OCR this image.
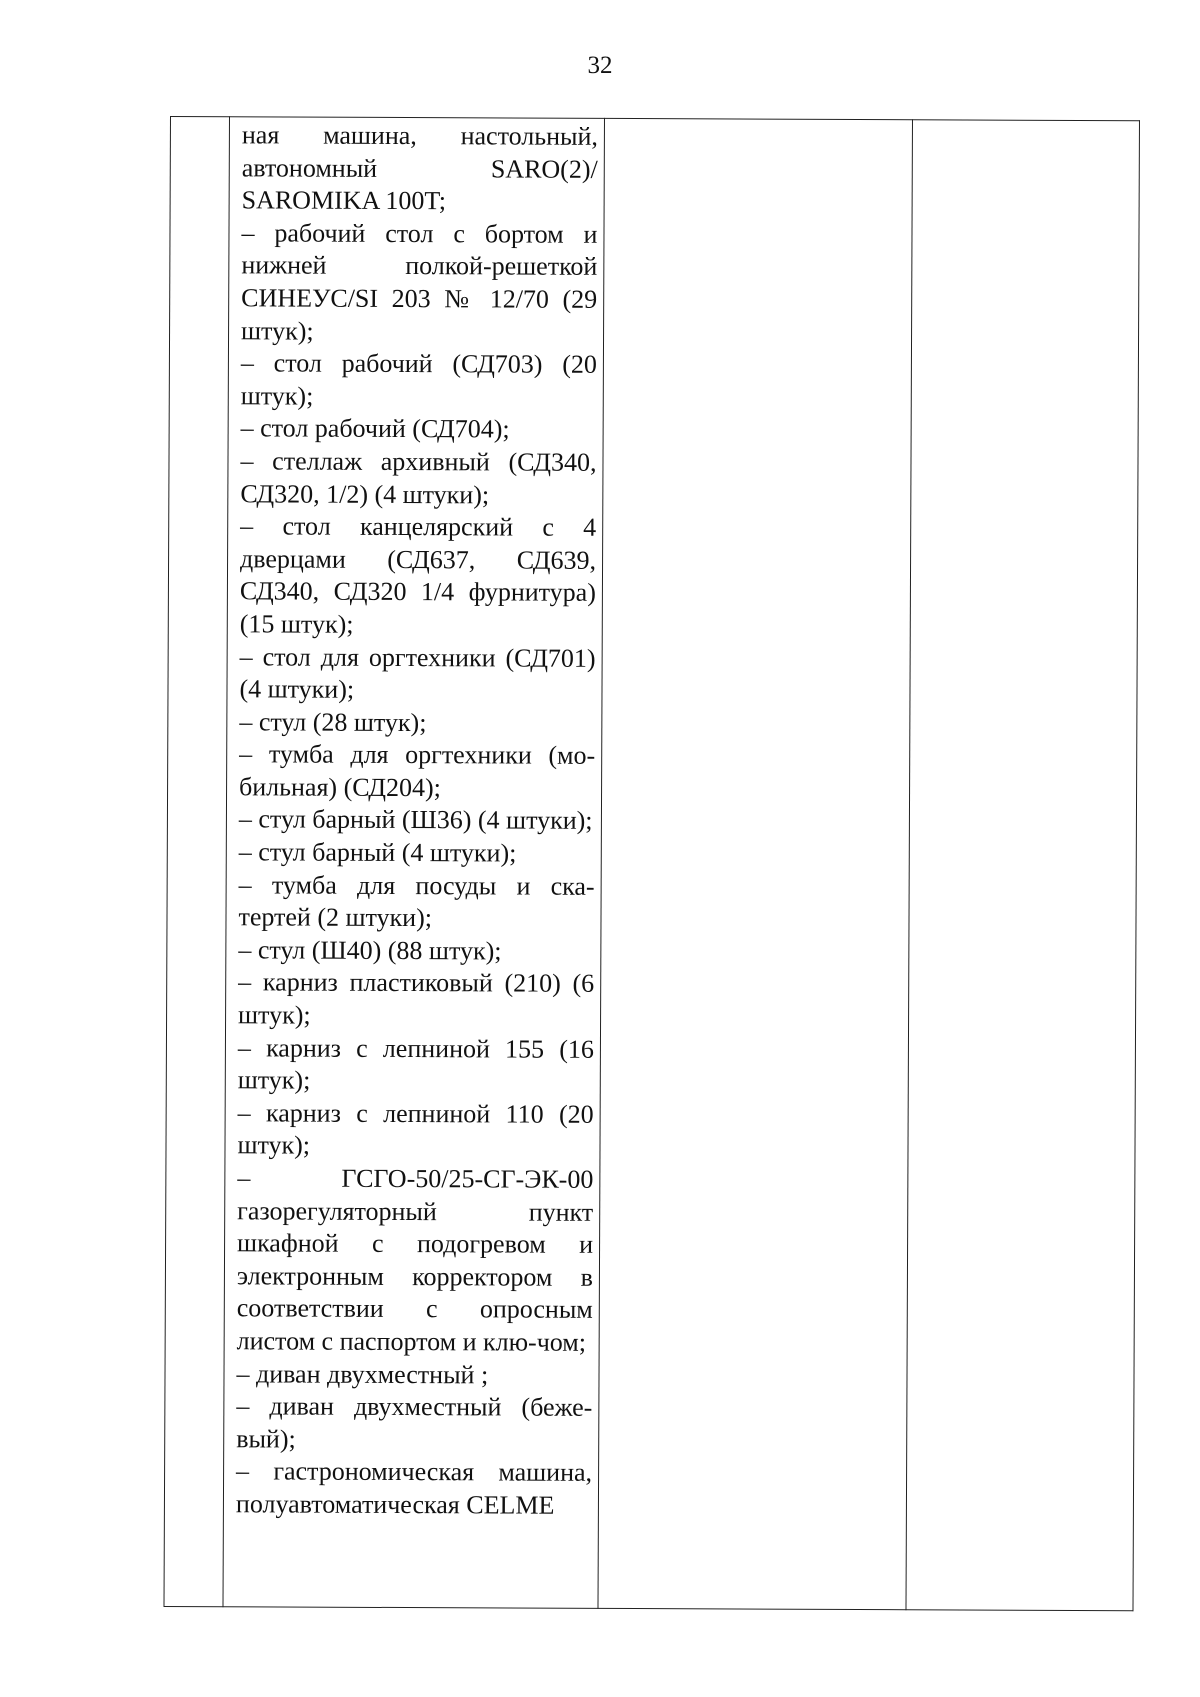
32

ная машина, настольный, автономный SARO(2)/ SAROMIKA 100T;
– рабочий стол с бортом и нижней полкой-решеткой СИНЕУС/SI 203 № 12/70 (29 штук);
– стол рабочий (СД703) (20 штук);
– стол рабочий (СД704);
– стеллаж архивный (СД340, СД320, 1/2) (4 штуки);
– стол канцелярский с 4 дверцами (СД637, СД639, СД340, СД320 1/4 фурнитура) (15 штук);
– стол для оргтехники (СД701) (4 штуки);
– стул (28 штук);
– тумба для оргтехники (мо-бильная) (СД204);
– стул барный (Ш36) (4 штуки);
– стул барный (4 штуки);
– тумба для посуды и ска-тертей (2 штуки);
– стул (Ш40) (88 штук);
– карниз пластиковый (210) (6 штук);
– карниз с лепниной 155 (16 штук);
– карниз с лепниной 110 (20 штук);
– ГСГО-50/25-СГ-ЭК-00 газорегуляторный пункт шкафной с подогревом и электронным корректором в соответствии с опросным листом с паспортом и клю-чом;
– диван двухместный ;
– диван двухместный (беже-вый);
– гастрономическая машина, полуавтоматическая CELME
